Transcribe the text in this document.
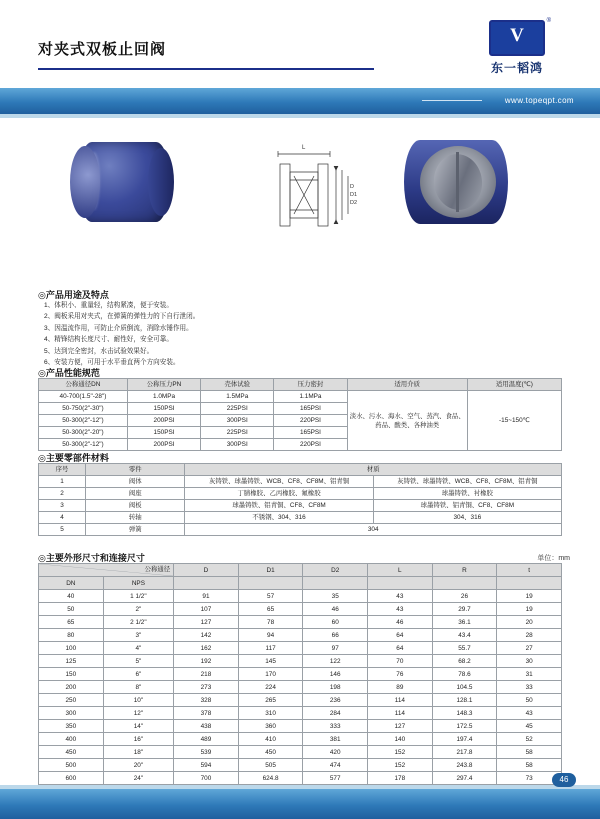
对夹式双板止回阀
V
®
东一韬鸿
www.topeqpt.com
L
D
D1
D2
◎产品用途及特点
1、体积小、重量轻，结构紧凑，便于安装。
2、阀板采用对夹式，在弹簧的弹性力的下自行泄闭。
3、因温流作用，可防止介质倒流，消除水锤作用。
4、精锋结构长度尺寸、耐性好，安全可靠。
5、达到完全密封，水击试验效果好。
6、安装方便，可用于水平垂直两个方向安装。
◎产品性能规范
公称通径DN	公称压力PN	壳体试验	压力密封	适用介质	适用温度(℃)
40-700(1.5"-28")	1.0MPa	1.5MPa	1.1MPa	淡水、污水、海水、空气、蒸汽、食品、药品、酸类、各种油类	-15~150℃
50-750(2"-30")	150PSI	225PSI	165PSI		
50-300(2"-12")	200PSI	300PSI	220PSI		
50-300(2"-20")	150PSI	225PSI	165PSI		
50-300(2"-12")	200PSI	300PSI	220PSI		
◎主要零部件材料
序号	零件	材质	
1	阀体	灰铸铁、球墨铸铁、WCB、CF8、CF8M、铝青铜	灰铸铁、球墨铸铁、WCB、CF8、CF8M、铝青铜
2	阀座	丁腈橡胶、乙丙橡胶、氟橡胶	球墨铸铁、衬橡胶
3	阀板	球墨铸铁、铝青铜、CF8、CF8M	球墨铸铁、铝青铜、CF8、CF8M
4	转轴	不锈钢、304、316	304、316
5	弹簧	304	
◎主要外形尺寸和连接尺寸	单位：mm
公称通径		D	D1	D2	L	R	t
DN	NPS						
40	1 1/2"	91	57	35	43	26	19
50	2"	107	65	46	43	29.7	19
65	2 1/2"	127	78	60	46	36.1	20
80	3"	142	94	66	64	43.4	28
100	4"	162	117	97	64	55.7	27
125	5"	192	145	122	70	68.2	30
150	6"	218	170	146	76	78.6	31
200	8"	273	224	198	89	104.5	33
250	10"	328	265	236	114	128.1	50
300	12"	378	310	284	114	148.3	43
350	14"	438	360	333	127	172.5	45
400	16"	489	410	381	140	197.4	52
450	18"	539	450	420	152	217.8	58
500	20"	594	505	474	152	243.8	58
600	24"	700	624.8	577	178	297.4	73
								46
